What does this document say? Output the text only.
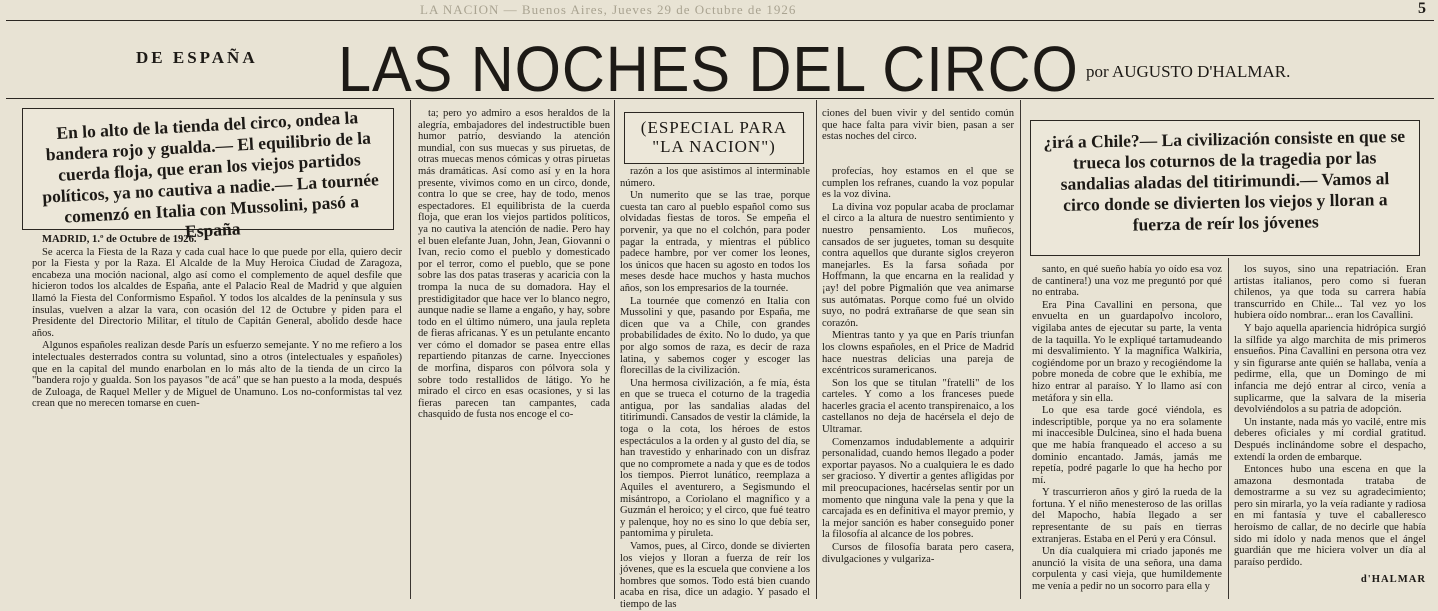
LA NACION — Buenos Aires, Jueves 29 de Octubre de 1926	5
DE ESPAÑA LAS NOCHES DEL CIRCO por AUGUSTO D'HALMAR.
En lo alto de la tienda del circo, ondea la bandera rojo y gualda.— El equilibrio de la cuerda floja, que eran los viejos partidos políticos, ya no cautiva a nadie.— La tournée comenzó en Italia con Mussolini, pasó a España
(ESPECIAL PARA "LA NACION")	¿irá a Chile?— La civilización consiste en que se trueca los coturnos de la tragedia por las sandalias aladas del titirimundi.— Vamos al circo donde se divierten los viejos y lloran a fuerza de reír los jóvenes

MADRID, 1.º de Octubre de 1926.

Se acerca la Fiesta de la Raza y cada cual hace lo que puede por ella, quiero decir por la Fiesta y por la Raza. El Alcalde de la Muy Heroica Ciudad de Zaragoza, encabeza una moción nacional, algo así como el complemento de aquel desfile que hicieron todos los alcaldes de España, ante el Palacio Real de Madrid y que alguien llamó la Fiesta del Conformismo Español. Y todos los alcaldes de la península y sus ínsulas, vuelven a alzar la vara, con ocasión del 12 de Octubre y piden para el Presidente del Directorio Militar, el título de Capitán General, abolido desde hace años.

Algunos españoles realizan desde París un esfuerzo semejante. Y no me refiero a los intelectuales desterrados contra su voluntad, sino a otros (intelectuales y españoles) que en la capital del mundo enarbolan en lo más alto de la tienda de un circo la "bandera rojo y gualda. Son los payasos "de acá" que se han puesto a la moda, después de Zuloaga, de Raquel Meller y de Miguel de Unamuno. Los no-conformistas tal vez crean que no merecen tomarse en cuen-

ta; pero yo admiro a esos heraldos de la alegría, embajadores del indestructible buen humor patrio, desviando la atención mundial, con sus muecas y sus piruetas, de otras muecas menos cómicas y otras piruetas más dramáticas. Así como así y en la hora presente, vivimos como en un circo, donde, contra lo que se cree, hay de todo, menos espectadores. El equilibrista de la cuerda floja, que eran los viejos partidos políticos, ya no cautiva la atención de nadie. Pero hay el buen elefante Juan, John, Jean, Giovanni o Ivan, recio como el pueblo y domesticado por el terror, como el pueblo, que se pone sobre las dos patas traseras y acaricia con la trompa la nuca de su domadora. Hay el prestidigitador que hace ver lo blanco negro, aunque nadie se llame a engaño, y hay, sobre todo en el último número, una jaula repleta de fieras africanas. Y es un petulante encanto ver cómo el domador se pasea entre ellas repartiendo pitanzas de carne. Inyecciones de morfina, disparos con pólvora sola y sobre todo restallidos de látigo. Yo he mirado el circo en esas ocasiones, y si las fieras parecen tan campantes, cada chasquido de fusta nos encoge el co-

razón a los que asistimos al interminable número.

Un numerito que se las trae, porque cuesta tan caro al pueblo español como sus olvidadas fiestas de toros. Se empeña el porvenir, ya que no el colchón, para poder pagar la entrada, y mientras el público padece hambre, por ver comer los leones, los únicos que hacen su agosto en todos los meses desde hace muchos y hasta muchos años, son los empresarios de la tournée.

La tournée que comenzó en Italia con Mussolini y que, pasando por España, me dicen que va a Chile, con grandes probabilidades de éxito. No lo dudo, ya que por algo somos de raza, es decir de raza latina, y sabemos coger y escoger las florecillas de la civilización.

Una hermosa civilización, a fe mía, ésta en que se trueca el coturno de la tragedia antigua, por las sandalias aladas del titirimundi. Cansados de vestir la clámide, la toga o la cota, los héroes de estos espectáculos a la orden y al gusto del día, se han travestido y enharinado con un disfraz que no compromete a nada y que es de todos los tiempos. Pierrot lunático, reemplaza a Aquiles el aventurero, a Segismundo el misántropo, a Coriolano el magnífico y a Guzmán el heroico; y el circo, que fué teatro y palenque, hoy no es sino lo que debía ser, pantomima y piruleta.

Vamos, pues, al Circo, donde se divierten los viejos y lloran a fuerza de reír los jóvenes, que es la escuela que conviene a los hombres que somos. Todo está bien cuando acaba en risa, dice un adagio. Y pasado el tiempo de las

profecías, hoy estamos en el que se cumplen los refranes, cuando la voz popular es la voz divina.

La divina voz popular acaba de proclamar el circo a la altura de nuestro sentimiento y nuestro pensamiento. Los muñecos, cansados de ser juguetes, toman su desquite contra aquellos que durante siglos creyeron manejarles. Es la farsa soñada por Hoffmann, la que encarna en la realidad y ¡ay! del pobre Pigmalión que vea animarse sus autómatas. Porque como fué un olvido suyo, no podrá extrañarse de que sean sin corazón.

Mientras tanto y ya que en París triunfan los clowns españoles, en el Price de Madrid hace nuestras delicias una pareja de excéntricos suramericanos.

Son los que se titulan "fratelli" de los carteles. Y como a los franceses puede hacerles gracia el acento transpirenaico, a los castellanos no deja de hacérsela el dejo de Ultramar.

Comenzamos indudablemente a adquirir personalidad, cuando hemos llegado a poder exportar payasos. No a cualquiera le es dado ser gracioso. Y divertir a gentes afligidas por mil preocupaciones, hacérselas sentir por un momento que ninguna vale la pena y que la carcajada es en definitiva el mayor premio, y la mejor sanción es haber conseguido poner la filosofía al alcance de los pobres.

Cursos de filosofía barata pero casera, divulgaciones y vulgariza-

santo, en qué sueño había yo oído esa voz de cantinera!) una voz me preguntó por qué no entraba.

Era Pina Cavallini en persona, que envuelta en un guardapolvo incoloro, vigilaba antes de ejecutar su parte, la venta de la taquilla. Yo le expliqué tartamudeando mi desvalimiento. Y la magnífica Walkiria, cogiéndome por un brazo y recogiéndome la pobre moneda de cobre que le exhibía, me hizo entrar al paraíso. Y lo llamo así con metáfora y sin ella.

Lo que esa tarde gocé viéndola, es indescriptible, porque ya no era solamente mi inaccesible Dulcinea, sino el hada buena que me había franqueado el acceso a su dominio encantado. Jamás, jamás me repetía, podré pagarle lo que ha hecho por mí.

Y trascurrieron años y giró la rueda de la fortuna. Y el niño menesteroso de las orillas del Mapocho, había llegado a ser representante de su país en tierras extranjeras. Estaba en el Perú y era Cónsul.

Un día cualquiera mi criado japonés me anunció la visita de una señora, una dama corpulenta y casi vieja, que humildemente me venía a pedir no un socorro para ella y

los suyos, sino una repatriación. Eran artistas italianos, pero como si fueran chilenos, ya que toda su carrera había transcurrido en Chile... Tal vez yo los hubiera oído nombrar... eran los Cavallini.

Y bajo aquella apariencia hidrópica surgió la sílfide ya algo marchita de mis primeros ensueños. Pina Cavallini en persona otra vez y sin figurarse ante quién se hallaba, venía a pedirme, ella, que un Domingo de mi infancia me dejó entrar al circo, venía a suplicarme, que la salvara de la miseria devolviéndolos a su patria de adopción.

Un instante, nada más yo vacilé, entre mis deberes oficiales y mi cordial gratitud. Después inclinándome sobre el despacho, extendí la orden de embarque.

Entonces hubo una escena en que la amazona desmontada trataba de demostrarme a su vez su agradecimiento; pero sin mirarla, yo la veía radiante y radiosa en mi fantasía y tuve el caballeresco heroísmo de callar, de no decirle que había sido mi ídolo y nada menos que el ángel guardián que me hiciera volver un día al paraíso perdido.

d'HALMAR

ciones del buen vivir y del sentido común que hace falta para vivir bien, pasan a ser estas noches del circo.
